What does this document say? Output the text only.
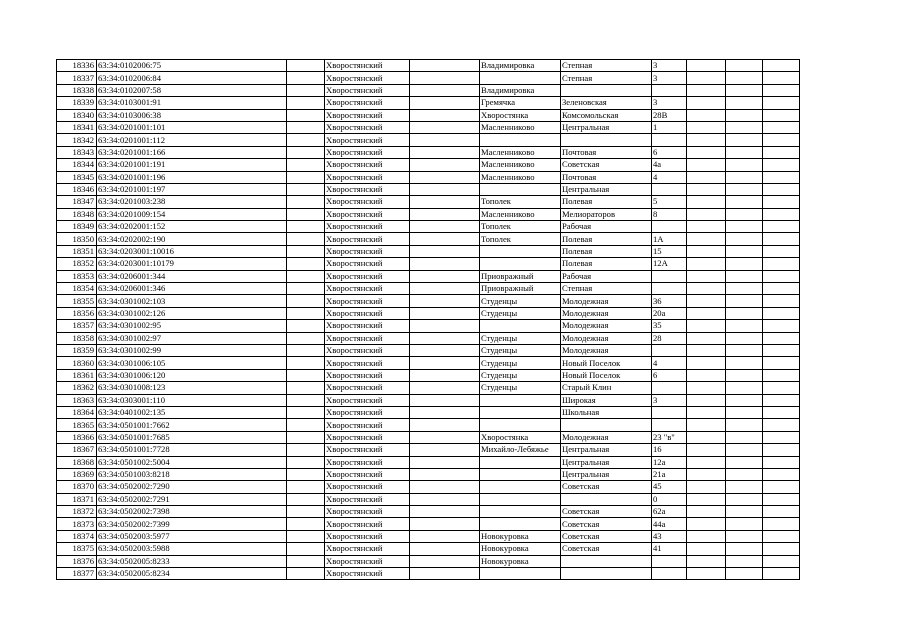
18336	63:34:0102006:75		Хворостянский		Владимировка	Степная	3			
18337	63:34:0102006:84		Хворостянский			Степная	3			
18338	63:34:0102007:58		Хворостянский		Владимировка					
18339	63:34:0103001:91		Хворостянский		Гремячка	Зеленовская	3			
18340	63:34:0103006:38		Хворостянский		Хворостянка	Комсомольская	28В			
18341	63:34:0201001:101		Хворостянский		Масленниково	Центральная	1			
18342	63:34:0201001:112		Хворостянский							
18343	63:34:0201001:166		Хворостянский		Масленниково	Почтовая	6			
18344	63:34:0201001:191		Хворостянский		Масленниково	Советская	4а			
18345	63:34:0201001:196		Хворостянский		Масленниково	Почтовая	4			
18346	63:34:0201001:197		Хворостянский			Центральная				
18347	63:34:0201003:238		Хворостянский		Тополек	Полевая	5			
18348	63:34:0201009:154		Хворостянский		Масленниково	Мелиораторов	8			
18349	63:34:0202001:152		Хворостянский		Тополек	Рабочая				
18350	63:34:0202002:190		Хворостянский		Тополек	Полевая	1А			
18351	63:34:0203001:10016		Хворостянский			Полевая	15			
18352	63:34:0203001:10179		Хворостянский			Полевая	12А			
18353	63:34:0206001:344		Хворостянский		Приовражный	Рабочая				
18354	63:34:0206001:346		Хворостянский		Приовражный	Степная				
18355	63:34:0301002:103		Хворостянский		Студенцы	Молодежная	36			
18356	63:34:0301002:126		Хворостянский		Студенцы	Молодежная	20а			
18357	63:34:0301002:95		Хворостянский			Молодежная	35			
18358	63:34:0301002:97		Хворостянский		Студенцы	Молодежная	28			
18359	63:34:0301002:99		Хворостянский		Студенцы	Молодежная				
18360	63:34:0301006:105		Хворостянский		Студенцы	Новый Поселок	4			
18361	63:34:0301006:120		Хворостянский		Студенцы	Новый Поселок	6			
18362	63:34:0301008:123		Хворостянский		Студенцы	Старый Клин				
18363	63:34:0303001:110		Хворостянский			Широкая	3			
18364	63:34:0401002:135		Хворостянский			Школьная				
18365	63:34:0501001:7662		Хворостянский							
18366	63:34:0501001:7685		Хворостянский		Хворостянка	Молодежная	23 "в"			
18367	63:34:0501001:7728		Хворостянский		Михайло-Лебяжье	Центральная	16			
18368	63:34:0501002:5004		Хворостянский			Центральная	12а			
18369	63:34:0501003:8218		Хворостянский			Центральная	21а			
18370	63:34:0502002:7290		Хворостянский			Советская	45			
18371	63:34:0502002:7291		Хворостянский				0			
18372	63:34:0502002:7398		Хворостянский			Советская	62а			
18373	63:34:0502002:7399		Хворостянский			Советская	44а			
18374	63:34:0502003:5977		Хворостянский		Новокуровка	Советская	43			
18375	63:34:0502003:5988		Хворостянский		Новокуровка	Советская	41			
18376	63:34:0502005:8233		Хворостянский		Новокуровка					
18377	63:34:0502005:8234		Хворостянский							
